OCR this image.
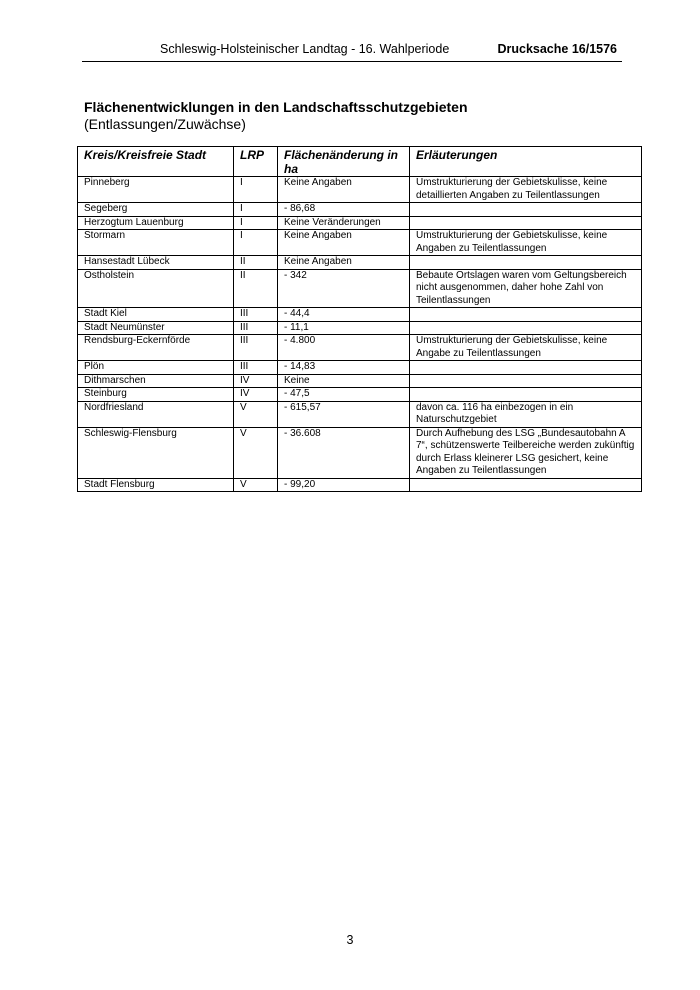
Schleswig-Holsteinischer Landtag - 16. Wahlperiode	Drucksache 16/1576
Flächenentwicklungen in den Landschaftsschutzgebieten
(Entlassungen/Zuwächse)
Kreis/Kreisfreie Stadt	LRP	Flächenänderung in ha	Erläuterungen
Pinneberg	I	Keine Angaben	Umstrukturierung der Gebietskulisse, keine detaillierten Angaben zu Teilentlassungen
Segeberg	I	- 86,68	
Herzogtum Lauenburg	I	Keine Veränderungen	
Stormarn	I	Keine Angaben	Umstrukturierung der Gebietskulisse, keine Angaben zu Teilentlassungen
Hansestadt Lübeck	II	Keine Angaben	
Ostholstein	II	- 342	Bebaute Ortslagen waren vom Geltungsbereich nicht ausgenommen, daher hohe Zahl von Teilentlassungen
Stadt Kiel	III	- 44,4	
Stadt Neumünster	III	- 11,1	
Rendsburg-Eckernförde	III	- 4.800	Umstrukturierung der Gebietskulisse, keine Angabe zu Teilentlassungen
Plön	III	- 14,83	
Dithmarschen	IV	Keine	
Steinburg	IV	- 47,5	
Nordfriesland	V	- 615,57	davon ca. 116 ha einbezogen in ein Naturschutzgebiet
Schleswig-Flensburg	V	- 36.608	Durch Aufhebung des LSG „Bundesautobahn A 7“, schützenswerte Teilbereiche werden zukünftig durch Erlass kleinerer LSG gesichert, keine Angaben zu Teilentlassungen
Stadt Flensburg	V	- 99,20	
3
